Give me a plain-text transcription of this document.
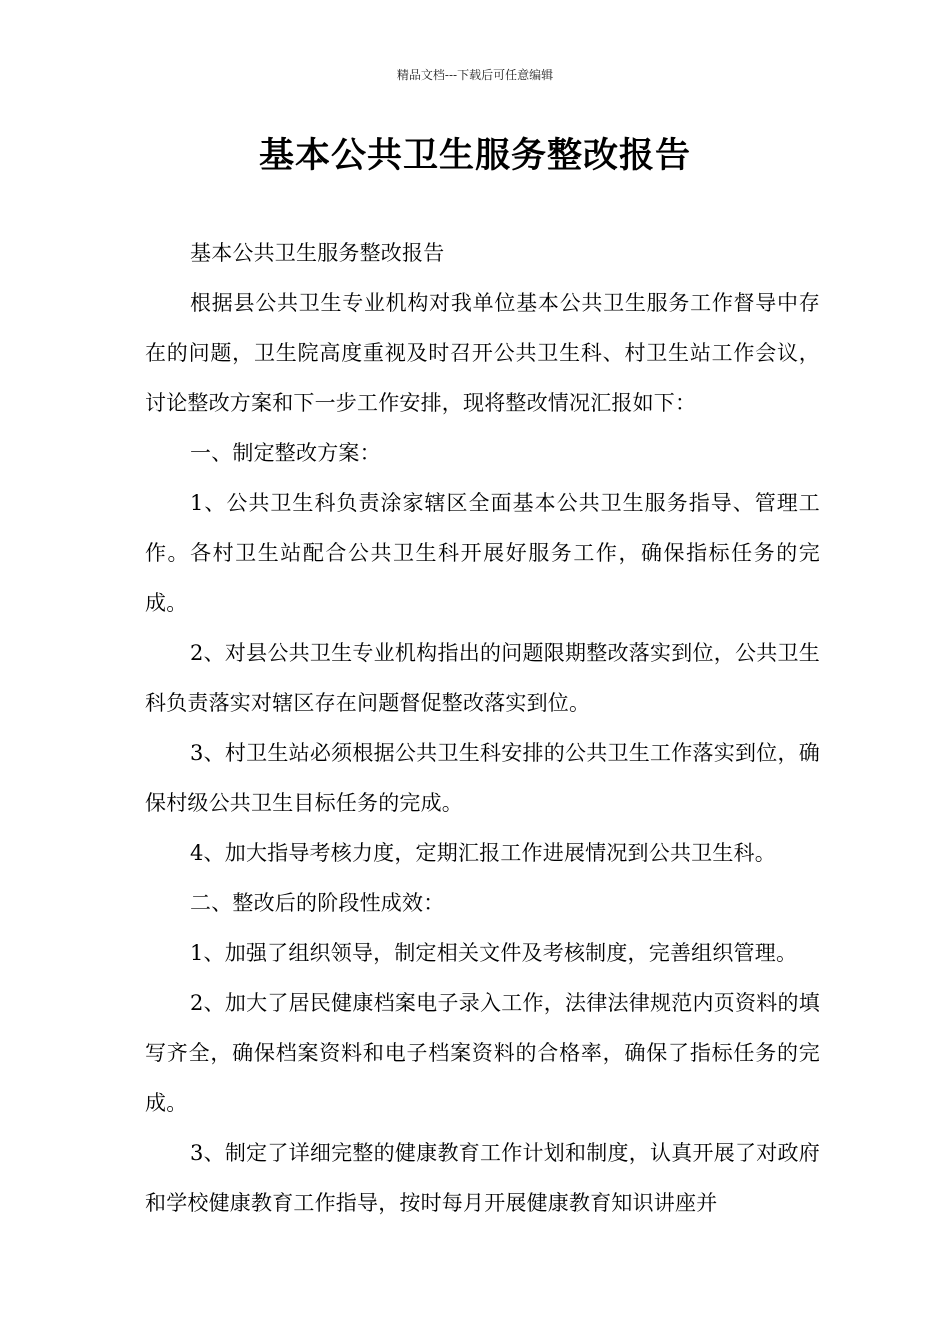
精品文档---下载后可任意编辑
基本公共卫生服务整改报告

基本公共卫生服务整改报告

根据县公共卫生专业机构对我单位基本公共卫生服务工作督导中存在的问题，卫生院高度重视及时召开公共卫生科、村卫生站工作会议，讨论整改方案和下一步工作安排，现将整改情况汇报如下：

一、制定整改方案：

1、公共卫生科负责涂家辖区全面基本公共卫生服务指导、管理工作。各村卫生站配合公共卫生科开展好服务工作，确保指标任务的完成。

2、对县公共卫生专业机构指出的问题限期整改落实到位，公共卫生科负责落实对辖区存在问题督促整改落实到位。

3、村卫生站必须根据公共卫生科安排的公共卫生工作落实到位，确保村级公共卫生目标任务的完成。

4、加大指导考核力度，定期汇报工作进展情况到公共卫生科。

二、整改后的阶段性成效：

1、加强了组织领导，制定相关文件及考核制度，完善组织管理。

2、加大了居民健康档案电子录入工作，法律法律规范内页资料的填写齐全，确保档案资料和电子档案资料的合格率，确保了指标任务的完成。

3、制定了详细完整的健康教育工作计划和制度，认真开展了对政府和学校健康教育工作指导，按时每月开展健康教育知识讲座并
